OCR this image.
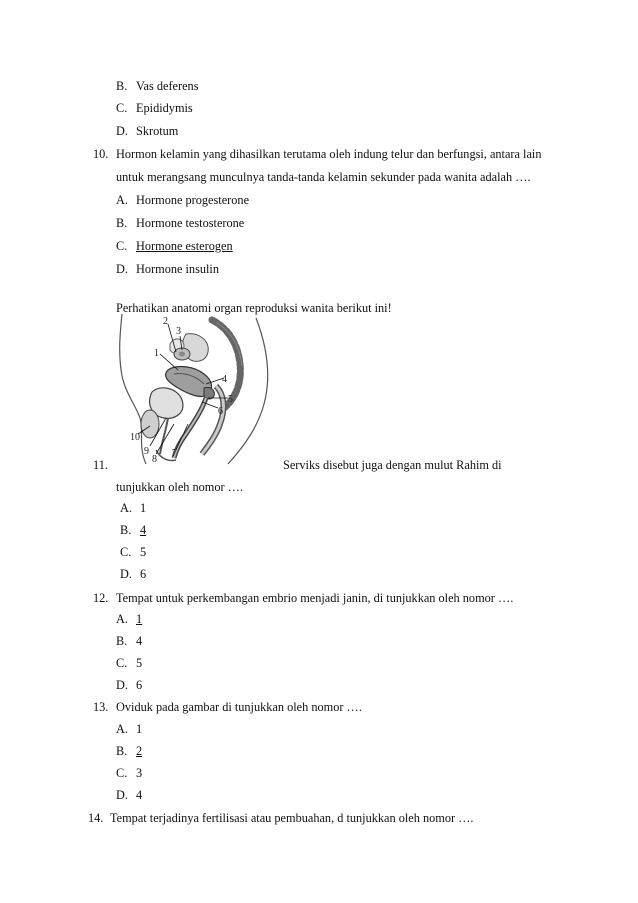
B. Vas deferens
C. Epididymis
D. Skrotum
10. Hormon kelamin yang dihasilkan terutama oleh indung telur dan berfungsi, antara lain
untuk merangsang munculnya tanda-tanda kelamin sekunder pada wanita adalah ….
A. Hormone progesterone
B. Hormone testosterone
C. Hormone esterogen
D. Hormone insulin
Perhatikan anatomi organ reproduksi wanita berikut ini!
1
2
3
4
5
6
7
8
9
10
11.	Serviks disebut juga dengan mulut Rahim di
tunjukkan oleh nomor ….
A. 1
B. 4
C. 5
D. 6
12. Tempat untuk perkembangan embrio menjadi janin, di tunjukkan oleh nomor ….
A. 1
B. 4
C. 5
D. 6
13. Oviduk pada gambar di tunjukkan oleh nomor ….
A. 1
B. 2
C. 3
D. 4
14. Tempat terjadinya fertilisasi atau pembuahan, d tunjukkan oleh nomor ….
